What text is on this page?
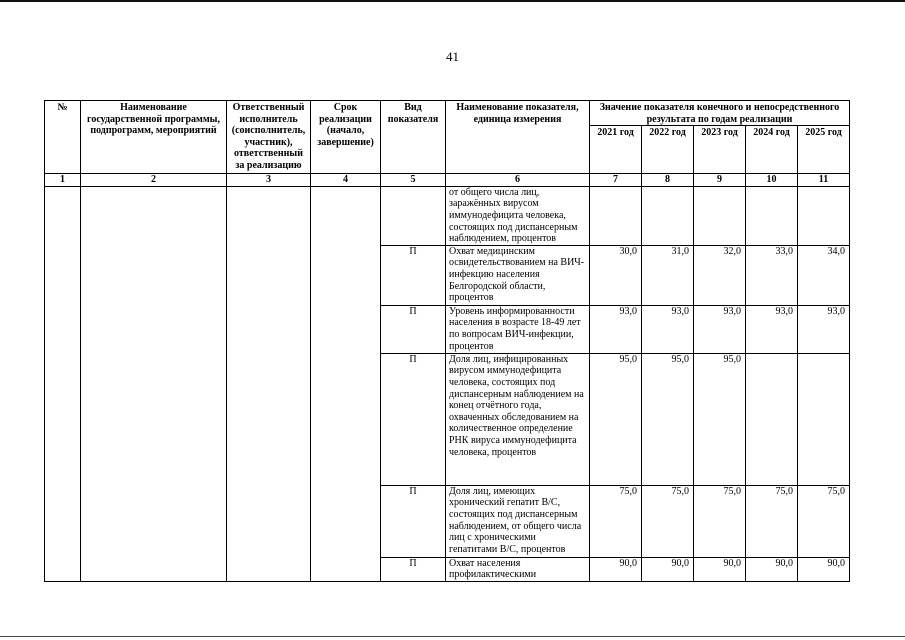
41
№	Наименование государственной программы, подпрограмм, мероприятий	Ответственный исполнитель (соисполнитель, участник), ответственный за реализацию	Срок реализации (начало, завершение)	Вид показателя	Наименование показателя, единица измерения	Значение показателя конечного и непосредственного результата по годам реализации				
						2021 год	2022 год	2023 год	2024 год	2025 год
1	2	3	4	5	6	7	8	9	10	11
					от общего числа лиц, заражённых вирусом иммунодефицита человека, состоящих под диспансерным наблюдением, процентов					
				П	Охват медицинским освидетельствованием на ВИЧ-инфекцию населения Белгородской области, процентов	30,0	31,0	32,0	33,0	34,0
				П	Уровень информированности населения в возрасте 18-49 лет по вопросам ВИЧ-инфекции, процентов	93,0	93,0	93,0	93,0	93,0
				П	Доля лиц, инфицированных вирусом иммунодефицита человека, состоящих под диспансерным наблюдением на конец отчётного года, охваченных обследованием на количественное определение РНК вируса иммунодефицита человека, процентов	95,0	95,0	95,0		
				П	Доля лиц, имеющих хронический гепатит В/С, состоящих под диспансерным наблюдением, от общего числа лиц с хроническими гепатитами В/С, процентов	75,0	75,0	75,0	75,0	75,0
				П	Охват населения профилактическими	90,0	90,0	90,0	90,0	90,0
